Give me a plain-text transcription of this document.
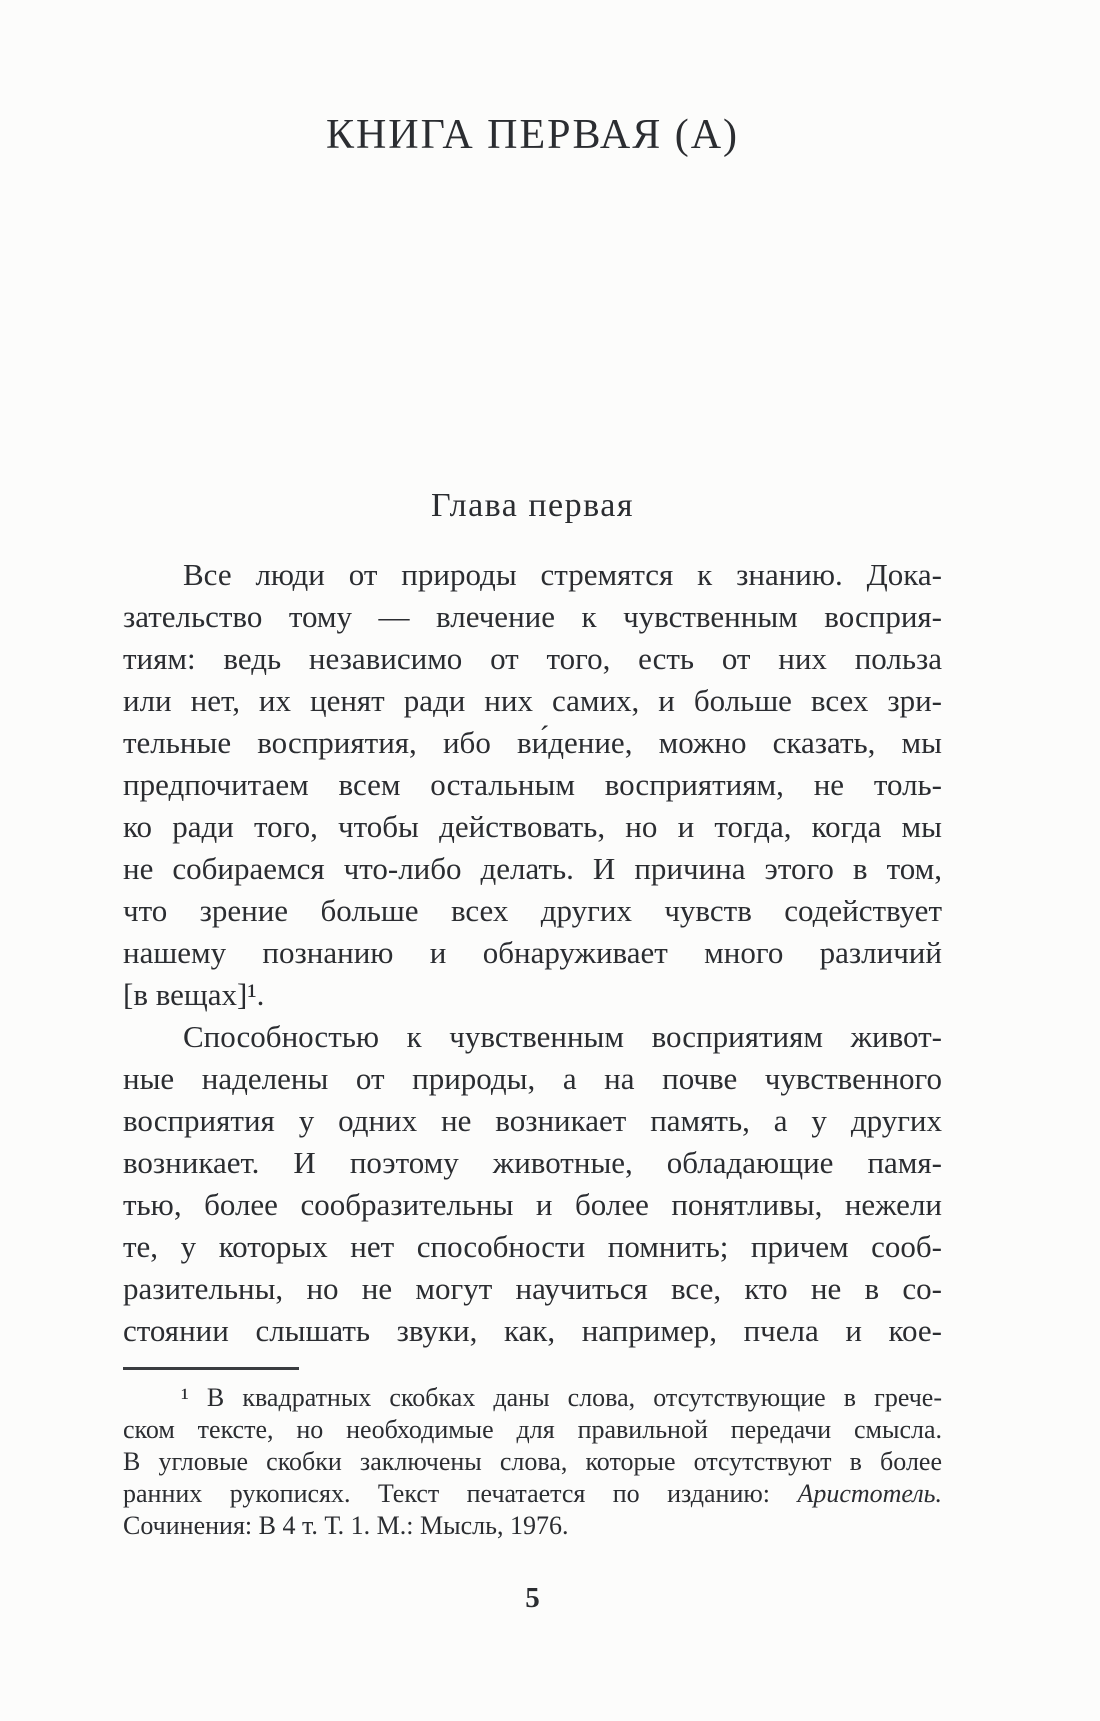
КНИГА ПЕРВАЯ (А)
Глава первая
Все люди от природы стремятся к знанию. Дока-
зательство тому — влечение к чувственным восприя-
тиям: ведь независимо от того, есть от них польза
или нет, их ценят ради них самих, и больше всех зри-
тельные восприятия, ибо ви́дение, можно сказать, мы
предпочитаем всем остальным восприятиям, не толь-
ко ради того, чтобы действовать, но и тогда, когда мы
не собираемся что-либо делать. И причина этого в том,
что зрение больше всех других чувств содействует
нашему познанию и обнаруживает много различий
[в вещах]¹.
Способностью к чувственным восприятиям живот-
ные наделены от природы, а на почве чувственного
восприятия у одних не возникает память, а у других
возникает. И поэтому животные, обладающие памя-
тью, более сообразительны и более понятливы, нежели
те, у которых нет способности помнить; причем сооб-
разительны, но не могут научиться все, кто не в со-
стоянии слышать звуки, как, например, пчела и кое-
¹ В квадратных скобках даны слова, отсутствующие в грече-
ском тексте, но необходимые для правильной передачи смысла.
В угловые скобки заключены слова, которые отсутствуют в более
ранних рукописях. Текст печатается по изданию: Аристотель.
Сочинения: В 4 т. Т. 1. М.: Мысль, 1976.
5
